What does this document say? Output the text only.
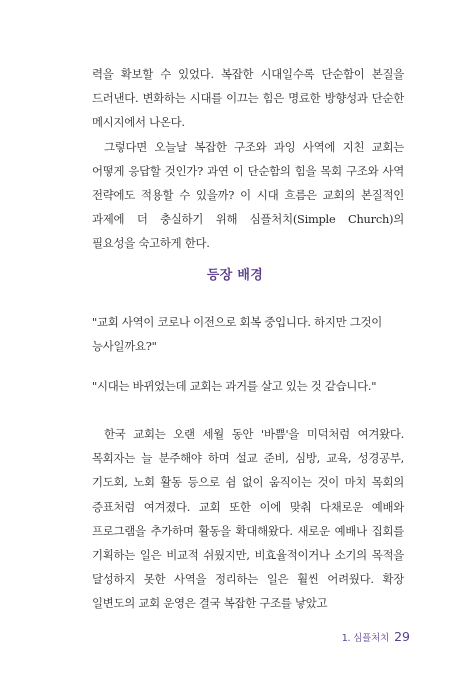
력을 확보할 수 있었다. 복잡한 시대일수록 단순함이 본질을 드러낸다. 변화하는 시대를 이끄는 힘은 명료한 방향성과 단순한 메시지에서 나온다.

그렇다면 오늘날 복잡한 구조와 과잉 사역에 지친 교회는 어떻게 응답할 것인가? 과연 이 단순함의 힘을 목회 구조와 사역 전략에도 적용할 수 있을까? 이 시대 흐름은 교회의 본질적인 과제에 더 충실하기 위해 심플처치(Simple Church)의 필요성을 숙고하게 한다.

등장 배경

"교회 사역이 코로나 이전으로 회복 중입니다. 하지만 그것이 능사일까요?"

"시대는 바뀌었는데 교회는 과거를 살고 있는 것 같습니다."

한국 교회는 오랜 세월 동안 '바쁨'을 미덕처럼 여겨왔다. 목회자는 늘 분주해야 하며 설교 준비, 심방, 교육, 성경공부, 기도회, 노회 활동 등으로 쉼 없이 움직이는 것이 마치 목회의 증표처럼 여겨졌다. 교회 또한 이에 맞춰 다채로운 예배와 프로그램을 추가하며 활동을 확대해왔다. 새로운 예배나 집회를 기획하는 일은 비교적 쉬웠지만, 비효율적이거나 소기의 목적을 달성하지 못한 사역을 정리하는 일은 훨씬 어려웠다. 확장 일변도의 교회 운영은 결국 복잡한 구조를 낳았고

1. 심플처치 29
